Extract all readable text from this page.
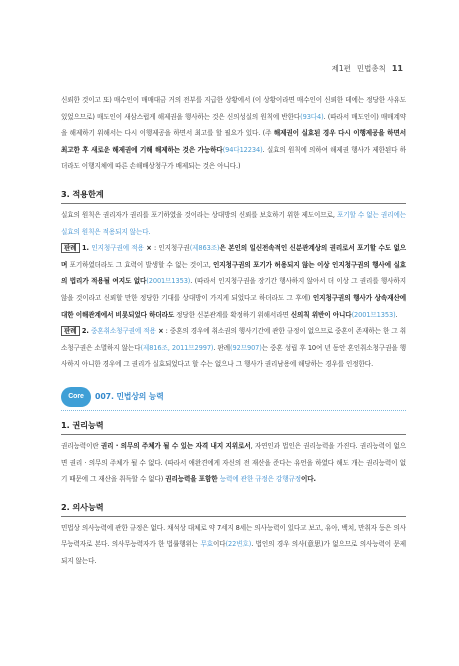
제1편 민법총칙 11

신뢰한 것이고 또) 매수인이 매매대금 거의 전부를 지급한 상황에서 (이 상황이라면 매수인이 신뢰한 데에는 정당한 사유도 있었으므로) 매도인이 새삼스럽게 해제권을 행사하는 것은 신의성실의 원칙에 반한다(93다4). (따라서 매도인이) 매매계약을 해제하기 위해서는 다시 이행제공을 하면서 최고를 할 필요가 있다. (주 해제권이 실효된 경우 다시 이행제공을 하면서 최고한 후 새로운 해제권에 기해 해제하는 것은 가능하다(94다12234). 실효의 원칙에 의하여 해제권 행사가 제한된다 하더라도 이행지체에 따른 손해배상청구가 배제되는 것은 아니다.)

3. 적용한계

실효의 원칙은 권리자가 권리를 포기하였을 것이라는 상대방의 신뢰를 보호하기 위한 제도이므로, 포기할 수 없는 권리에는 실효의 원칙은 적용되지 않는다.

판례 1. 인지청구권에 적용 × : 인지청구권(제863조)은 본인의 일신전속적인 신분관계상의 권리로서 포기할 수도 없으며 포기하였더라도 그 효력이 발생할 수 없는 것이고, 인지청구권의 포기가 허용되지 않는 이상 인지청구권의 행사에 실효의 법리가 적용될 여지도 없다(2001므1353). (따라서 인지청구권을 장기간 행사하지 않아서 더 이상 그 권리를 행사하지 않을 것이라고 신뢰할 만한 정당한 기대를 상대방이 가지게 되었다고 하더라도 그 후에) 인지청구권의 행사가 상속재산에 대한 이해관계에서 비롯되었다 하더라도 정당한 신분관계를 확정하기 위해서라면 신의칙 위반이 아니다(2001므1353).

판례 2. 중혼취소청구권에 적용 × : 중혼의 경우에 취소권의 행사기간에 관한 규정이 없으므로 중혼이 존재하는 한 그 취소청구권은 소멸하지 않는다(제816조, 2011므2997). 판례(92므907)는 중혼 성립 후 10여 년 동안 혼인취소청구권을 행사하지 아니한 경우에 그 권리가 실효되었다고 할 수는 없으나 그 행사가 권리남용에 해당하는 경우를 인정한다.

Core	007. 민법상의 능력
1. 권리능력

권리능력이란 권리 · 의무의 주체가 될 수 있는 자격 내지 지위로서, 자연인과 법인은 권리능력을 가진다. 권리능력이 없으면 권리 · 의무의 주체가 될 수 없다. (따라서 애완견에게 자신의 전 재산을 준다는 유언을 하였다 해도 개는 권리능력이 없기 때문에 그 재산을 취득할 수 없다) 권리능력을 포함한 능력에 관한 규정은 강행규정이다.

2. 의사능력

민법상 의사능력에 관한 규정은 없다. 채석상 대체로 약 7세지 8세는 의사능력이 있다고 보고, 유아, 백치, 만취자 등은 의사무능력자로 본다. 의사무능력자가 한 법률행위는 무효이다(22변호). 법인의 경우 의사(意思)가 없으므로 의사능력이 문제되지 않는다.
